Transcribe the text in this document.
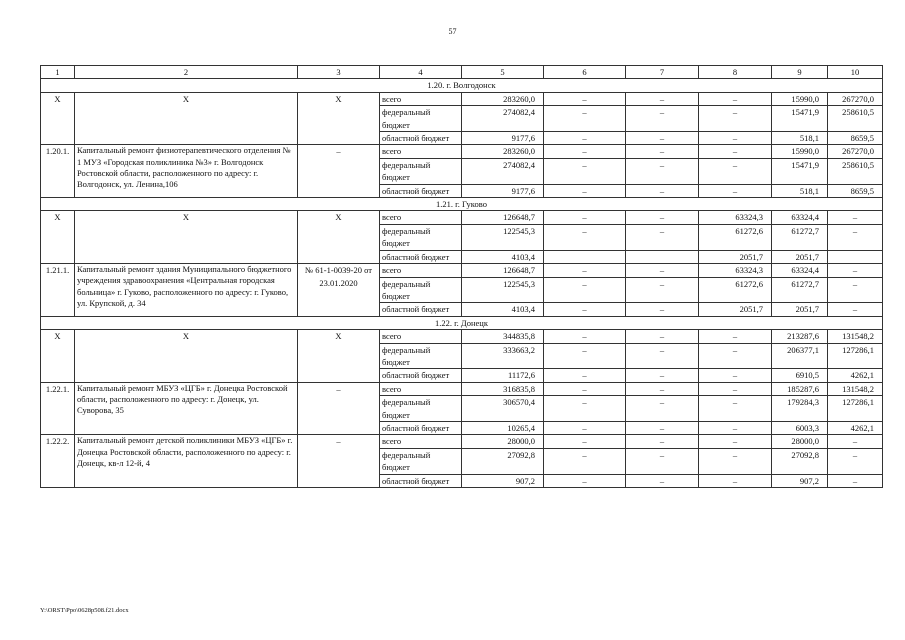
57
1	2	3	4	5	6	7	8	9	10
1.20. г. Волгодонск									
X	X	X	всего	283260,0	–	–	–	15990,0	267270,0
			федеральный бюджет	274082,4	–	–	–	15471,9	258610,5
			областной бюджет	9177,6	–	–	–	518,1	8659,5
1.20.1.	Капитальный ремонт физиотерапевтического отделения № 1 МУЗ «Городская поликлиника №3» г. Волгодонск Ростовской области, расположенного по адресу: г. Волгодонск, ул. Ленина,106	–	всего	283260,0	–	–	–	15990,0	267270,0
			федеральный бюджет	274082,4	–	–	–	15471,9	258610,5
			областной бюджет	9177,6	–	–	–	518,1	8659,5
1.21. г. Гуково									
X	X	X	всего	126648,7	–	–	63324,3	63324,4	–
			федеральный бюджет	122545,3	–	–	61272,6	61272,7	–
			областной бюджет	4103,4			2051,7	2051,7	
1.21.1.	Капитальный ремонт здания Муниципального бюджетного учреждения здравоохранения «Центральная городская больница» г. Гуково, расположенного по адресу: г. Гуково, ул. Крупской, д. 34	№ 61-1-0039-20 от 23.01.2020	всего	126648,7	–	–	63324,3	63324,4	–
			федеральный бюджет	122545,3	–	–	61272,6	61272,7	–
			областной бюджет	4103,4	–	–	2051,7	2051,7	–
1.22. г. Донецк									
X	X	X	всего	344835,8	–	–	–	213287,6	131548,2
			федеральный бюджет	333663,2	–	–	–	206377,1	127286,1
			областной бюджет	11172,6	–	–	–	6910,5	4262,1
1.22.1.	Капитальный ремонт МБУЗ «ЦГБ» г. Донецка Ростовской области, расположенного по адресу: г. Донецк, ул. Суворова, 35	–	всего	316835,8	–	–	–	185287,6	131548,2
			федеральный бюджет	306570,4	–	–	–	179284,3	127286,1
			областной бюджет	10265,4	–	–	–	6003,3	4262,1
1.22.2.	Капитальный ремонт детской поликлиники МБУЗ «ЦГБ» г. Донецка Ростовской области, расположенного по адресу: г. Донецк, кв-л 12-й, 4	–	всего	28000,0	–	–	–	28000,0	–
			федеральный бюджет	27092,8	–	–	–	27092,8	–
			областной бюджет	907,2	–	–	–	907,2	–
Y:\ORST\Ppo\0628p508.f21.docx
